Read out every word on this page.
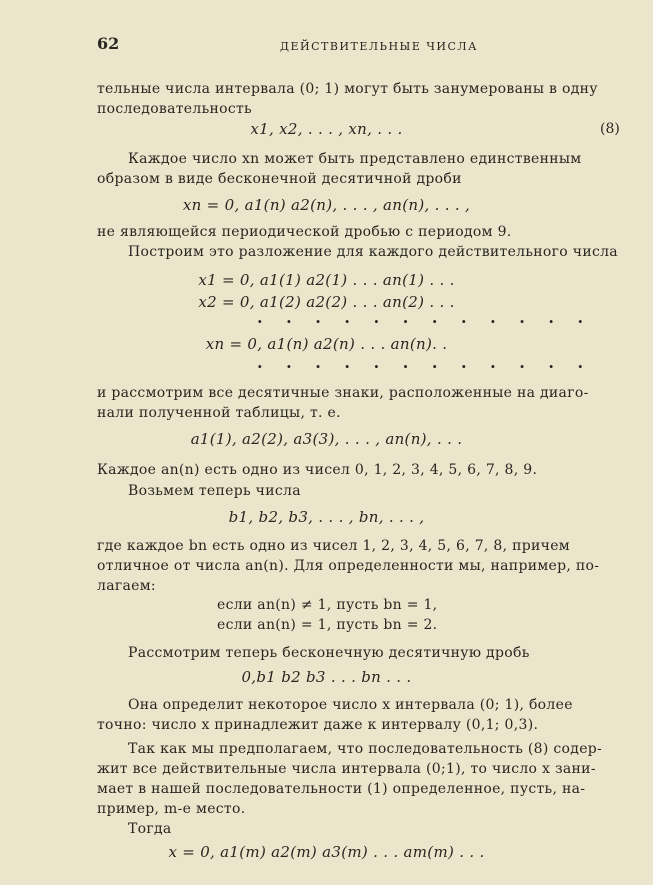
62	ДЕЙСТВИТЕЛЬНЫЕ ЧИСЛА
тельные числа интервала (0; 1) могут быть занумерованы в одну
последовательность
x1, x2, . . . , xn, . . .	(8)
Каждое число xn может быть представлено единственным
образом в виде бесконечной десятичной дроби
xn = 0, a1(n) a2(n), . . . , an(n), . . . ,
не являющейся периодической дробью с периодом 9.
Построим это разложение для каждого действительного числа
x1 = 0, a1(1) a2(1) . . . an(1) . . .
x2 = 0, a1(2) a2(2) . . . an(2) . . .
. . . . . . . . . . . .
xn = 0, a1(n) a2(n) . . . an(n). .
. . . . . . . . . . . .
и рассмотрим все десятичные знаки, расположенные на диаго-
нали полученной таблицы, т. е.
a1(1), a2(2), a3(3), . . . , an(n), . . .
Каждое an(n) есть одно из чисел 0, 1, 2, 3, 4, 5, 6, 7, 8, 9.
Возьмем теперь числа
b1, b2, b3, . . . , bn, . . . ,
где каждое bn есть одно из чисел 1, 2, 3, 4, 5, 6, 7, 8, причем
отличное от числа an(n). Для определенности мы, например, по-
лагаем:
если an(n) ≠ 1, пусть bn = 1,
если an(n) = 1, пусть bn = 2.
Рассмотрим теперь бесконечную десятичную дробь
0,b1 b2 b3 . . . bn . . .
Она определит некоторое число x интервала (0; 1), более
точно: число x принадлежит даже к интервалу (0,1; 0,3).
Так как мы предполагаем, что последовательность (8) содер-
жит все действительные числа интервала (0;1), то число x зани-
мает в нашей последовательности (1) определенное, пусть, на-
пример, m-е место.
Тогда
x = 0, a1(m) a2(m) a3(m) . . . am(m) . . .
